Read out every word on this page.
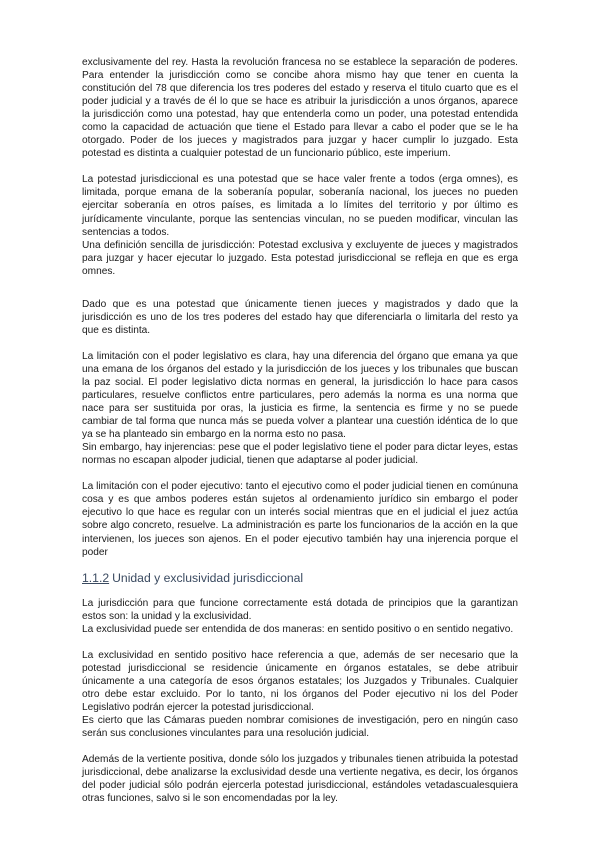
exclusivamente del rey. Hasta la revolución francesa no se establece la separación de poderes. Para entender la jurisdicción como se concibe ahora mismo hay que tener en cuenta la constitución del 78 que diferencia los tres poderes del estado y reserva el titulo cuarto que es el poder judicial y a través de él lo que se hace es atribuir la jurisdicción a unos órganos, aparece la jurisdicción como una potestad, hay que entenderla como un poder, una potestad entendida como la capacidad de actuación que tiene el Estado para llevar a cabo el poder que se le ha otorgado. Poder de los jueces y magistrados para juzgar y hacer cumplir lo juzgado. Esta potestad es distinta a cualquier potestad de un funcionario público, este imperium.

La potestad jurisdiccional es una potestad que se hace valer frente a todos (erga omnes), es limitada, porque emana de la soberanía popular, soberanía nacional, los jueces no pueden ejercitar soberanía en otros países, es limitada a lo límites del territorio y por último es jurídicamente vinculante, porque las sentencias vinculan, no se pueden modificar, vinculan las sentencias a todos.

Una definición sencilla de jurisdicción: Potestad exclusiva y excluyente de jueces y magistrados para juzgar y hacer ejecutar lo juzgado. Esta potestad jurisdiccional se refleja en que es erga omnes.

Dado que es una potestad que únicamente tienen jueces y magistrados y dado que la jurisdicción es uno de los tres poderes del estado hay que diferenciarla o limitarla del resto ya que es distinta.

La limitación con el poder legislativo es clara, hay una diferencia del órgano que emana ya que una emana de los órganos del estado y la jurisdicción de los jueces y los tribunales que buscan la paz social. El poder legislativo dicta normas en general, la jurisdicción lo hace para casos particulares, resuelve conflictos entre particulares, pero además la norma es una norma que nace para ser sustituida por oras, la justicia es firme, la sentencia es firme y no se puede cambiar de tal forma que nunca más se pueda volver a plantear una cuestión idéntica de lo que ya se ha planteado sin embargo en la norma esto no pasa.

Sin embargo, hay injerencias: pese que el poder legislativo tiene el poder para dictar leyes, estas normas no escapan alpoder judicial, tienen que adaptarse al poder judicial.

La limitación con el poder ejecutivo: tanto el ejecutivo como el poder judicial tienen en comúnuna cosa y es que ambos poderes están sujetos al ordenamiento jurídico sin embargo el poder ejecutivo lo que hace es regular con un interés social mientras que en el judicial el juez actúa sobre algo concreto, resuelve. La administración es parte los funcionarios de la acción en la que intervienen, los jueces son ajenos. En el poder ejecutivo también hay una injerencia porque el poder

1.1.2 Unidad y exclusividad jurisdiccional

La jurisdicción para que funcione correctamente está dotada de principios que la garantizan estos son: la unidad y la exclusividad.

La exclusividad puede ser entendida de dos maneras: en sentido positivo o en sentido negativo.

La exclusividad en sentido positivo hace referencia a que, además de ser necesario que la potestad jurisdiccional se residencie únicamente en órganos estatales, se debe atribuir únicamente a una categoría de esos órganos estatales; los Juzgados y Tribunales. Cualquier otro debe estar excluido. Por lo tanto, ni los órganos del Poder ejecutivo ni los del Poder Legislativo podrán ejercer la potestad jurisdiccional.

Es cierto que las Cámaras pueden nombrar comisiones de investigación, pero en ningún caso serán sus conclusiones vinculantes para una resolución judicial.

Además de la vertiente positiva, donde sólo los juzgados y tribunales tienen atribuida la potestad jurisdiccional, debe analizarse la exclusividad desde una vertiente negativa, es decir, los órganos del poder judicial sólo podrán ejercerla potestad jurisdiccional, estándoles vetadascualesquiera otras funciones, salvo si le son encomendadas por la ley.
